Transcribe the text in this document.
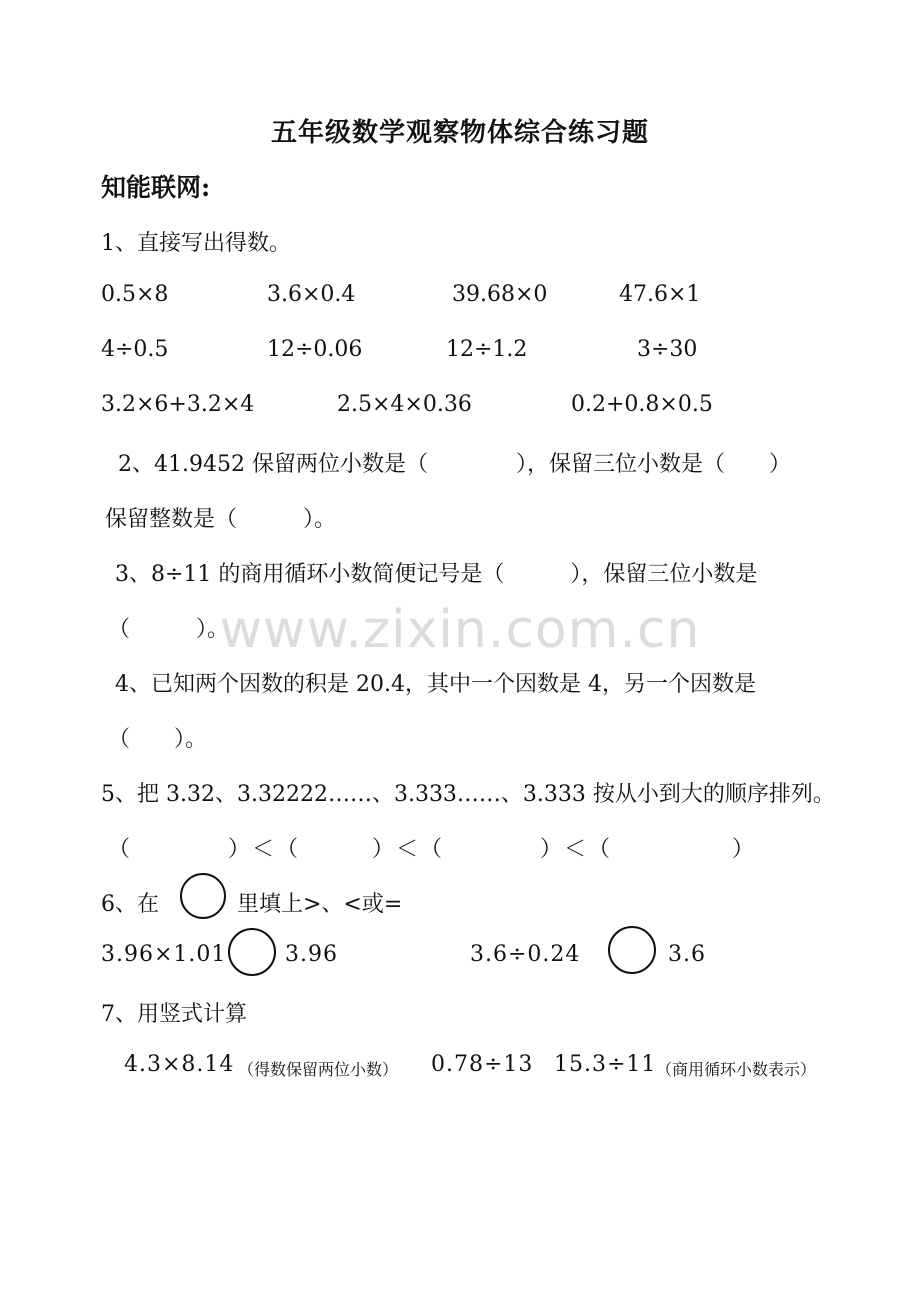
www.zixin.com.cn
五年级数学观察物体综合练习题
知能联网:
1、直接写出得数。
0.5×8	3.6×0.4	39.68×0	47.6×1
4÷0.5	12÷0.06	12÷1.2	3÷30
3.2×6+3.2×4	2.5×4×0.36	0.2+0.8×0.5
2、41.9452 保留两位小数是（　　　　），保留三位小数是（　　）
保留整数是（　　　）。
3、8÷11 的商用循环小数简便记号是（　　　），保留三位小数是
（　　　）。
4、已知两个因数的积是 20.4，其中一个因数是 4，另一个因数是
（　　）。
5、把 3.32、3.32222……、3.333……、3.333 按从小到大的顺序排列。
（　　　　）＜（　　　）＜（　　　　）＜（　　　　　）
6、在	里填上>、<或=
3.96×1.01	3.96	3.6÷0.24	3.6
7、用竖式计算
4.3×8.14 （得数保留两位小数） 0.78÷13 15.3÷11 （商用循环小数表示）
